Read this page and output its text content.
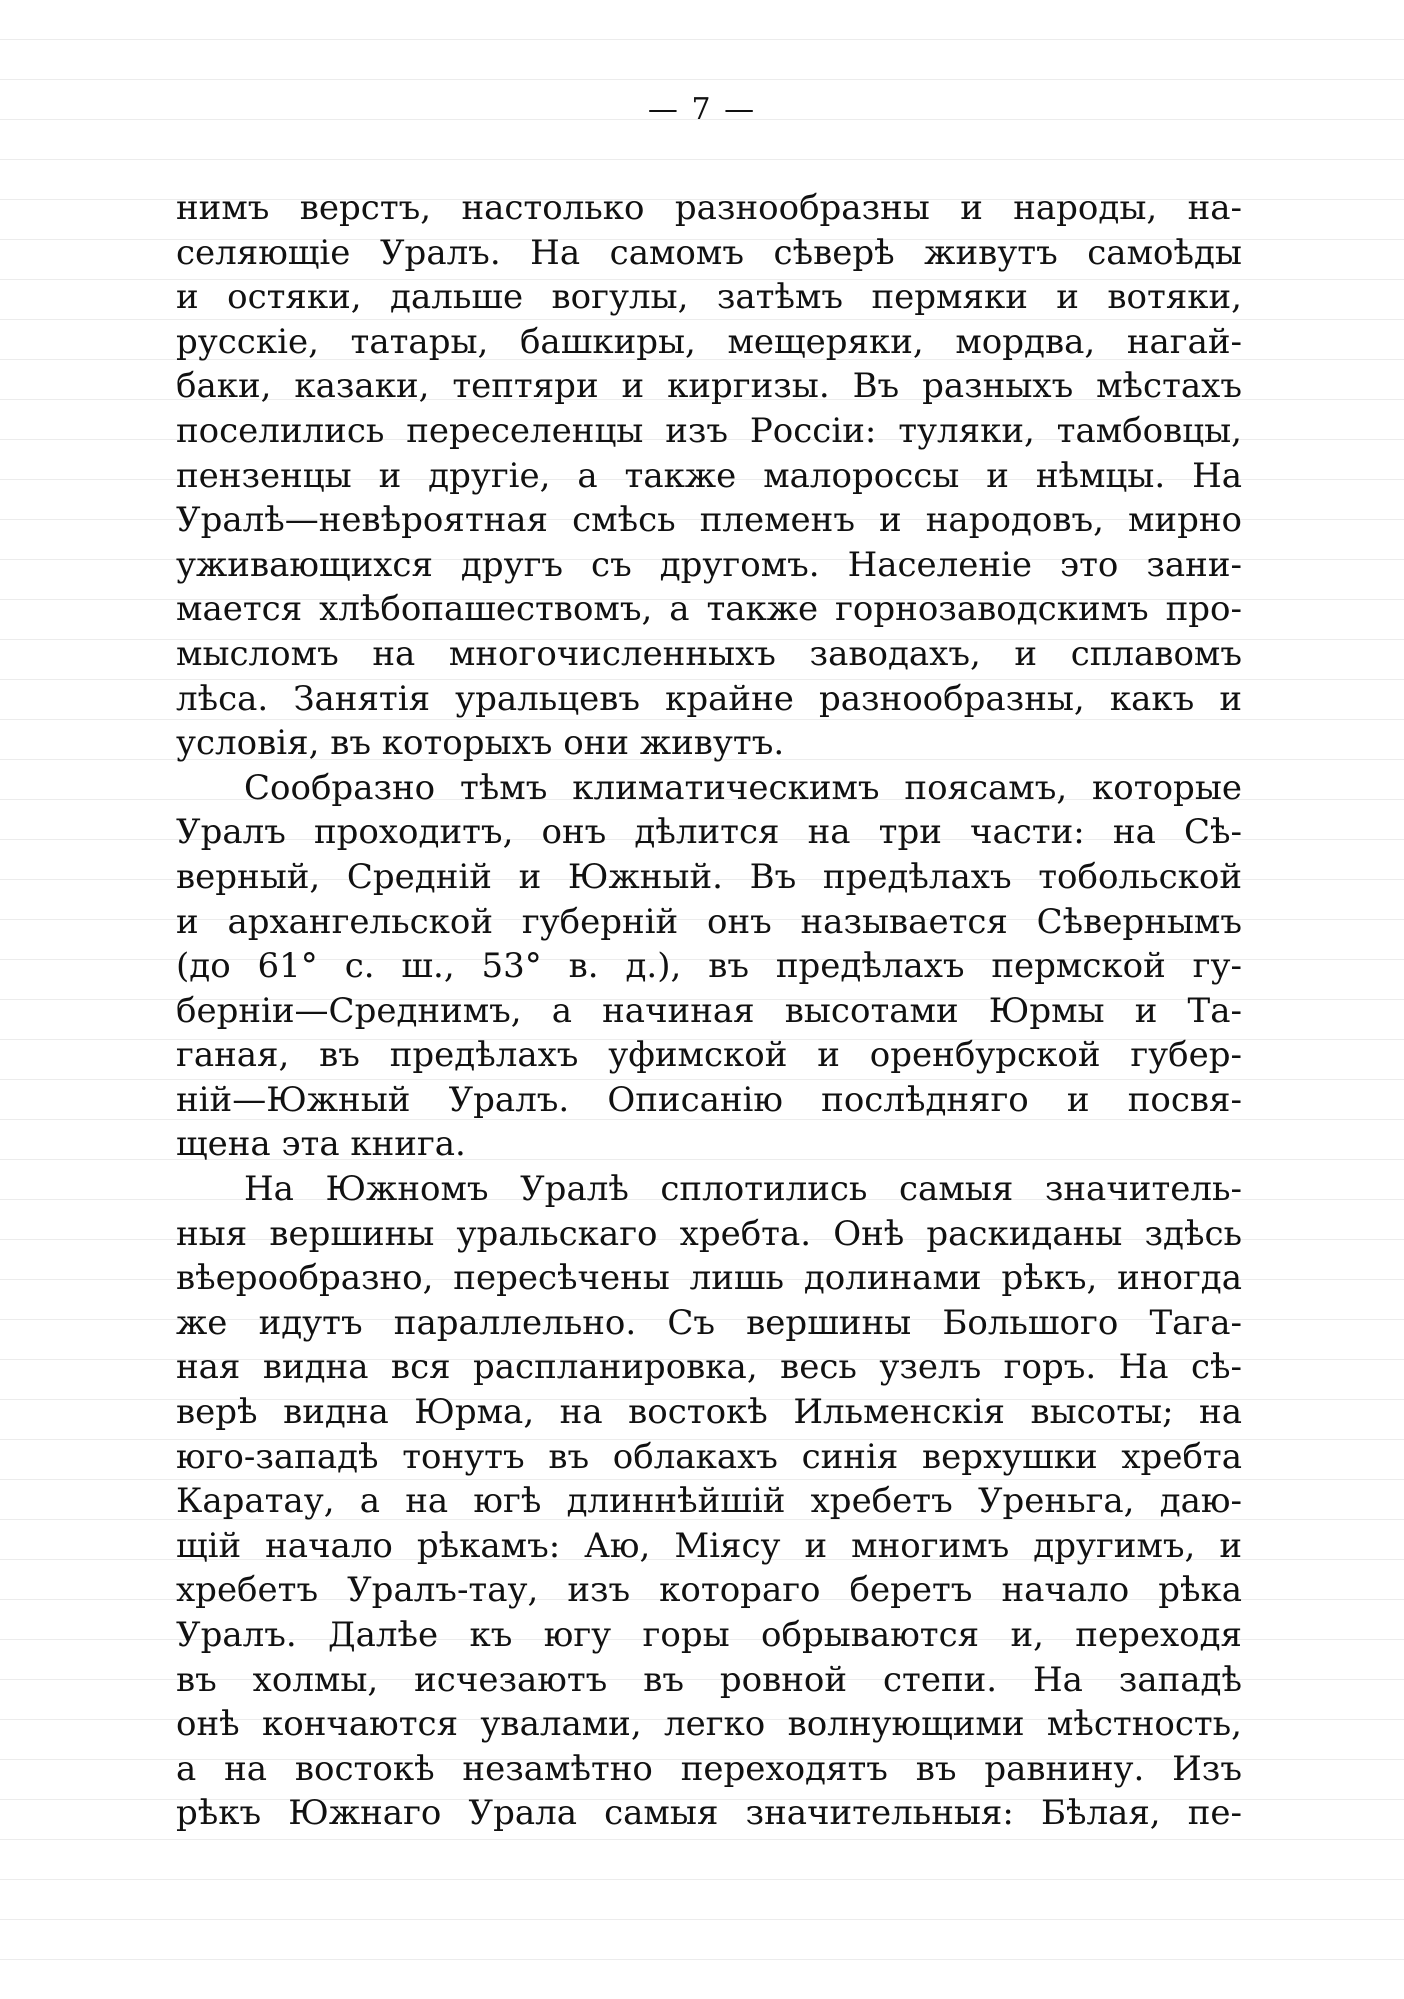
— 7 —
нимъ верстъ, настолько разнообразны и народы, на-
селяющіе Уралъ. На самомъ сѣверѣ живутъ самоѣды
и остяки, дальше вогулы, затѣмъ пермяки и вотяки,
русскіе, татары, башкиры, мещеряки, мордва, нагай-
баки, казаки, тептяри и киргизы. Въ разныхъ мѣстахъ
поселились переселенцы изъ Россіи: туляки, тамбовцы,
пензенцы и другіе, а также малороссы и нѣмцы. На
Уралѣ—невѣроятная смѣсь племенъ и народовъ, мирно
уживающихся другъ съ другомъ. Населеніе это зани-
мается хлѣбопашествомъ, а также горнозаводскимъ про-
мысломъ на многочисленныхъ заводахъ, и сплавомъ
лѣса. Занятія уральцевъ крайне разнообразны, какъ и
условія, въ которыхъ они живутъ.
Сообразно тѣмъ климатическимъ поясамъ, которые
Уралъ проходитъ, онъ дѣлится на три части: на Сѣ-
верный, Средній и Южный. Въ предѣлахъ тобольской
и архангельской губерній онъ называется Сѣвернымъ
(до 61° с. ш., 53° в. д.), въ предѣлахъ пермской гу-
берніи—Среднимъ, а начиная высотами Юрмы и Та-
ганая, въ предѣлахъ уфимской и оренбурской губер-
ній—Южный Уралъ. Описанію послѣдняго и посвя-
щена эта книга.
На Южномъ Уралѣ сплотились самыя значитель-
ныя вершины уральскаго хребта. Онѣ раскиданы здѣсь
вѣерообразно, пересѣчены лишь долинами рѣкъ, иногда
же идутъ параллельно. Съ вершины Большого Тага-
ная видна вся распланировка, весь узелъ горъ. На сѣ-
верѣ видна Юрма, на востокѣ Ильменскія высоты; на
юго-западѣ тонутъ въ облакахъ синія верхушки хребта
Каратау, а на югѣ длиннѣйшій хребетъ Уреньга, даю-
щій начало рѣкамъ: Аю, Міясу и многимъ другимъ, и
хребетъ Уралъ-тау, изъ котораго беретъ начало рѣка
Уралъ. Далѣе къ югу горы обрываются и, переходя
въ холмы, исчезаютъ въ ровной степи. На западѣ
онѣ кончаются увалами, легко волнующими мѣстность,
а на востокѣ незамѣтно переходятъ въ равнину. Изъ
рѣкъ Южнаго Урала самыя значительныя: Бѣлая, пе-
